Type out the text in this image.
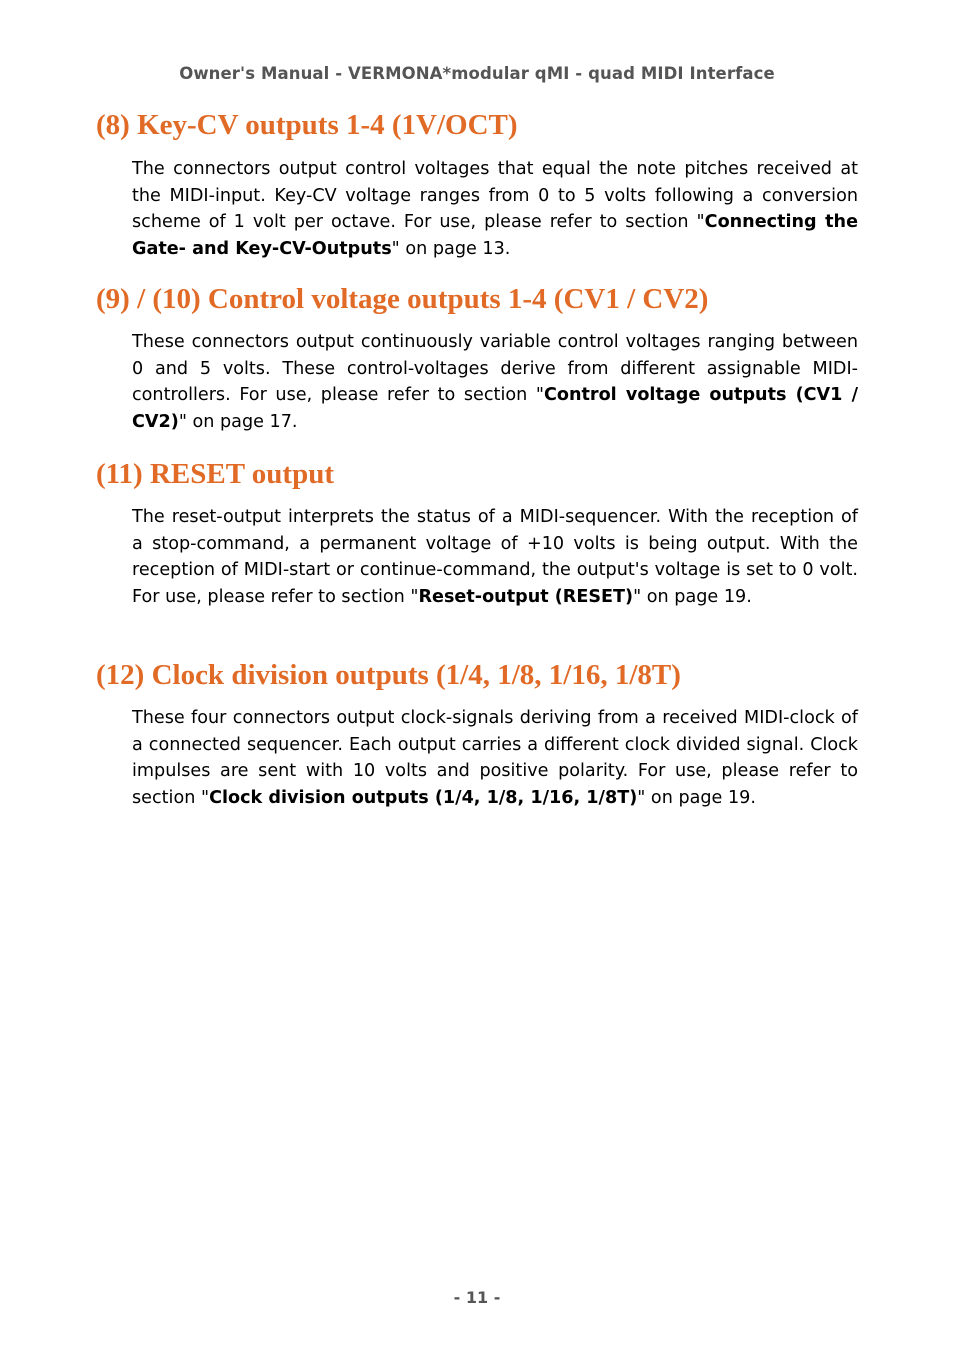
Owner's Manual - VERMONA*modular qMI - quad MIDI Interface
(8) Key-CV outputs 1-4 (1V/OCT)

The connectors output control voltages that equal the note pitches received at the MIDI-input. Key-CV voltage ranges from 0 to 5 volts following a conversion scheme of 1 volt per octave. For use, please refer to section "Connecting the Gate- and Key-CV-Outputs" on page 13.

(9) / (10) Control voltage outputs 1-4 (CV1 / CV2)

These connectors output continuously variable control voltages ranging between 0 and 5 volts. These control-voltages derive from different assignable MIDI-controllers. For use, please refer to section "Control voltage outputs (CV1 / CV2)" on page 17.

(11) RESET output

The reset-output interprets the status of a MIDI-sequencer. With the reception of a stop-command, a permanent voltage of +10 volts is being output. With the reception of MIDI-start or continue-command, the output's voltage is set to 0 volt. For use, please refer to section "Reset-output (RESET)" on page 19.

(12) Clock division outputs (1/4, 1/8, 1/16, 1/8T)

These four connectors output clock-signals deriving from a received MIDI-clock of a connected sequencer. Each output carries a different clock divided signal. Clock impulses are sent with 10 volts and positive polarity. For use, please refer to section "Clock division outputs (1/4, 1/8, 1/16, 1/8T)" on page 19.

- 11 -
